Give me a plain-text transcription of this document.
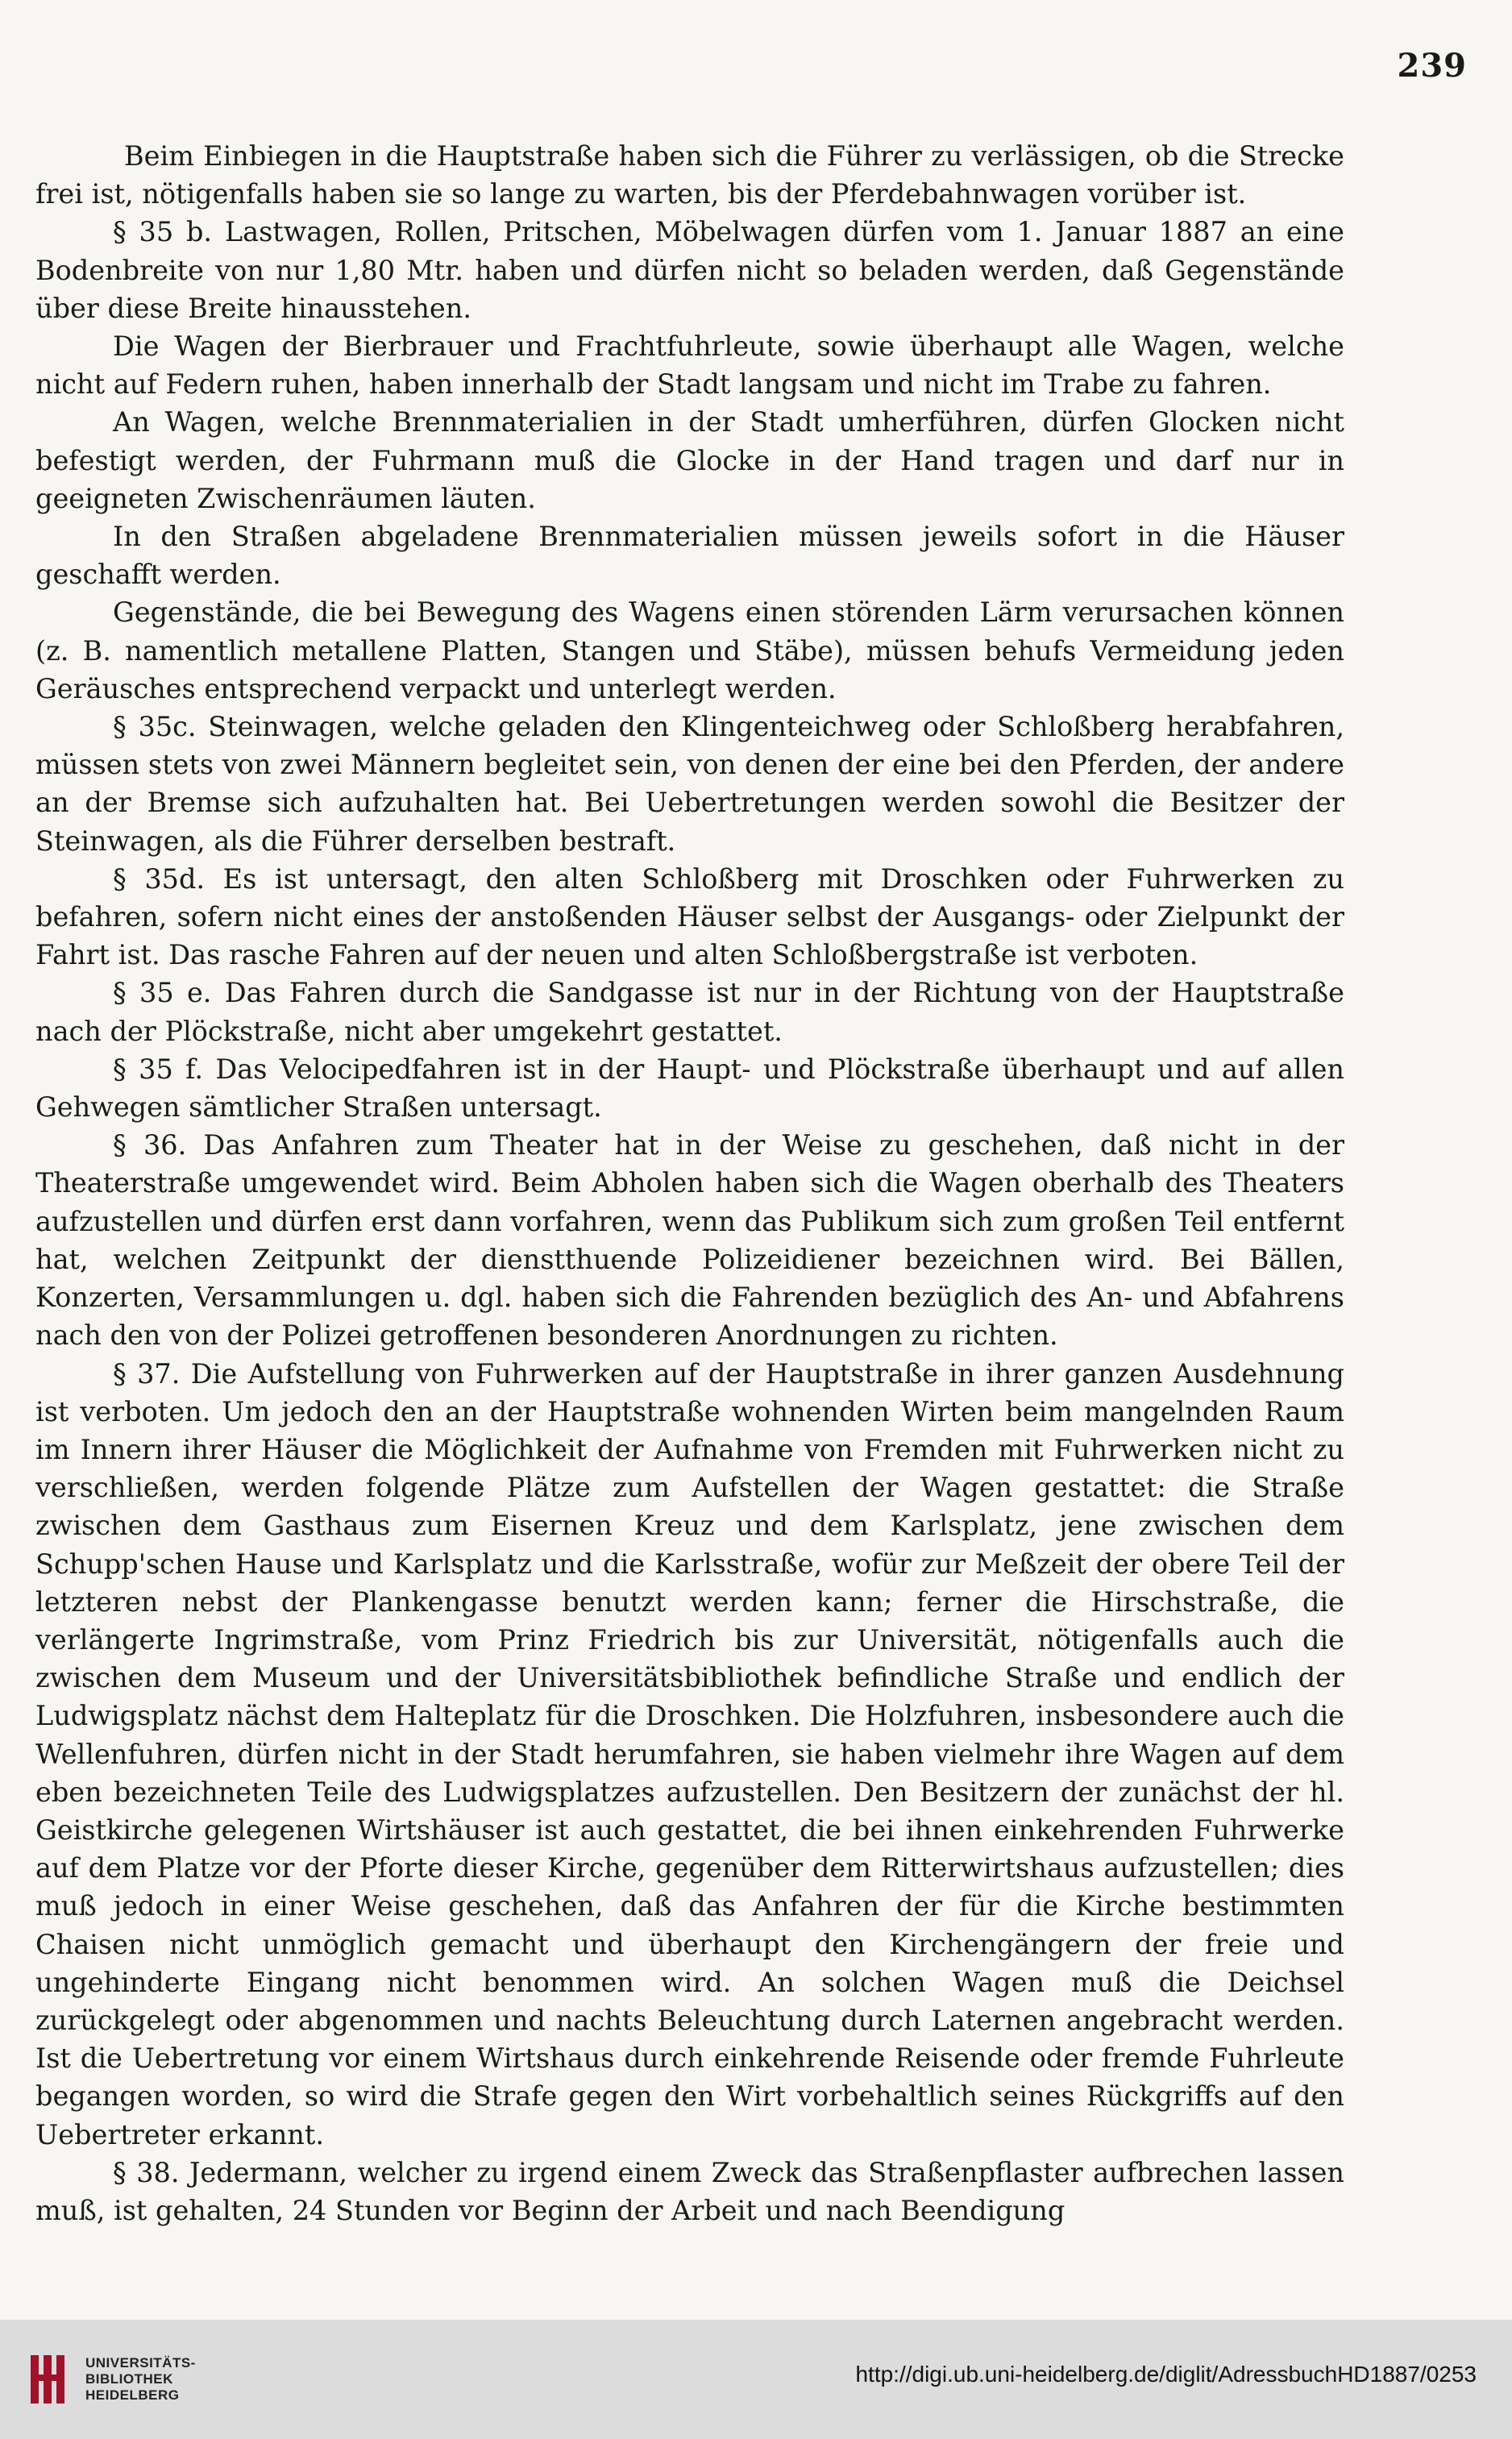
239

Beim Einbiegen in die Hauptstraße haben sich die Führer zu verlässigen, ob die Strecke frei ist, nötigenfalls haben sie so lange zu warten, bis der Pferdebahnwagen vorüber ist.

§ 35 b. Lastwagen, Rollen, Pritschen, Möbelwagen dürfen vom 1. Januar 1887 an eine Bodenbreite von nur 1,80 Mtr. haben und dürfen nicht so beladen werden, daß Gegenstände über diese Breite hinausstehen.

Die Wagen der Bierbrauer und Frachtfuhrleute, sowie überhaupt alle Wagen, welche nicht auf Federn ruhen, haben innerhalb der Stadt langsam und nicht im Trabe zu fahren.

An Wagen, welche Brennmaterialien in der Stadt umherführen, dürfen Glocken nicht befestigt werden, der Fuhrmann muß die Glocke in der Hand tragen und darf nur in geeigneten Zwischenräumen läuten.

In den Straßen abgeladene Brennmaterialien müssen jeweils sofort in die Häuser geschafft werden.

Gegenstände, die bei Bewegung des Wagens einen störenden Lärm verursachen können (z. B. namentlich metallene Platten, Stangen und Stäbe), müssen behufs Vermeidung jeden Geräusches entsprechend verpackt und unterlegt werden.

§ 35c. Steinwagen, welche geladen den Klingenteichweg oder Schloßberg herabfahren, müssen stets von zwei Männern begleitet sein, von denen der eine bei den Pferden, der andere an der Bremse sich aufzuhalten hat. Bei Uebertretungen werden sowohl die Besitzer der Steinwagen, als die Führer derselben bestraft.

§ 35d. Es ist untersagt, den alten Schloßberg mit Droschken oder Fuhrwerken zu befahren, sofern nicht eines der anstoßenden Häuser selbst der Ausgangs- oder Zielpunkt der Fahrt ist. Das rasche Fahren auf der neuen und alten Schloßbergstraße ist verboten.

§ 35 e. Das Fahren durch die Sandgasse ist nur in der Richtung von der Hauptstraße nach der Plöckstraße, nicht aber umgekehrt gestattet.

§ 35 f. Das Velocipedfahren ist in der Haupt- und Plöckstraße überhaupt und auf allen Gehwegen sämtlicher Straßen untersagt.

§ 36. Das Anfahren zum Theater hat in der Weise zu geschehen, daß nicht in der Theaterstraße umgewendet wird. Beim Abholen haben sich die Wagen oberhalb des Theaters aufzustellen und dürfen erst dann vorfahren, wenn das Publikum sich zum großen Teil entfernt hat, welchen Zeitpunkt der dienstthuende Polizeidiener bezeichnen wird. Bei Bällen, Konzerten, Versammlungen u. dgl. haben sich die Fahrenden bezüglich des An- und Abfahrens nach den von der Polizei getroffenen besonderen Anordnungen zu richten.

§ 37. Die Aufstellung von Fuhrwerken auf der Hauptstraße in ihrer ganzen Ausdehnung ist verboten. Um jedoch den an der Hauptstraße wohnenden Wirten beim mangelnden Raum im Innern ihrer Häuser die Möglichkeit der Aufnahme von Fremden mit Fuhrwerken nicht zu verschließen, werden folgende Plätze zum Aufstellen der Wagen gestattet: die Straße zwischen dem Gasthaus zum Eisernen Kreuz und dem Karlsplatz, jene zwischen dem Schupp'schen Hause und Karlsplatz und die Karlsstraße, wofür zur Meßzeit der obere Teil der letzteren nebst der Plankengasse benutzt werden kann; ferner die Hirschstraße, die verlängerte Ingrimstraße, vom Prinz Friedrich bis zur Universität, nötigenfalls auch die zwischen dem Museum und der Universitätsbibliothek befindliche Straße und endlich der Ludwigsplatz nächst dem Halteplatz für die Droschken. Die Holzfuhren, insbesondere auch die Wellenfuhren, dürfen nicht in der Stadt herumfahren, sie haben vielmehr ihre Wagen auf dem eben bezeichneten Teile des Ludwigsplatzes aufzustellen. Den Besitzern der zunächst der hl. Geistkirche gelegenen Wirtshäuser ist auch gestattet, die bei ihnen einkehrenden Fuhrwerke auf dem Platze vor der Pforte dieser Kirche, gegenüber dem Ritterwirtshaus aufzustellen; dies muß jedoch in einer Weise geschehen, daß das Anfahren der für die Kirche bestimmten Chaisen nicht unmöglich gemacht und überhaupt den Kirchengängern der freie und ungehinderte Eingang nicht benommen wird. An solchen Wagen muß die Deichsel zurückgelegt oder abgenommen und nachts Beleuchtung durch Laternen angebracht werden. Ist die Uebertretung vor einem Wirtshaus durch einkehrende Reisende oder fremde Fuhrleute begangen worden, so wird die Strafe gegen den Wirt vorbehaltlich seines Rückgriffs auf den Uebertreter erkannt.

§ 38. Jedermann, welcher zu irgend einem Zweck das Straßenpflaster aufbrechen lassen muß, ist gehalten, 24 Stunden vor Beginn der Arbeit und nach Beendigung

UNIVERSITÄTS-
BIBLIOTHEK
HEIDELBERG
http://digi.ub.uni-heidelberg.de/diglit/AdressbuchHD1887/0253
